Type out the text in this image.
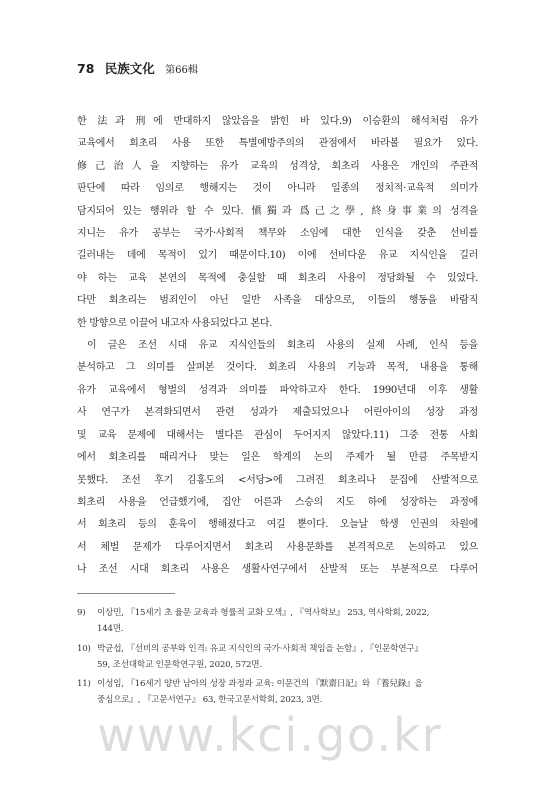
78 民族文化 第66輯
한 法과 刑에 반대하지 않았음을 밝힌 바 있다.9) 이승환의 해석처럼 유가
교육에서 회초리 사용 또한 특별예방주의의 관점에서 바라볼 필요가 있다.
修己治人을 지향하는 유가 교육의 성격상, 회초리 사용은 개인의 주관적
판단에 따라 임의로 행해지는 것이 아니라 일종의 정치적·교육적 의미가
담지되어 있는 행위라 할 수 있다. 愼獨과 爲己之學, 終身事業의 성격을
지니는 유가 공부는 국가·사회적 책무와 소임에 대한 인식을 갖춘 선비를
길러내는 데에 목적이 있기 때문이다.10) 이에 선비다운 유교 지식인을 길러
야 하는 교육 본연의 목적에 충실할 때 회초리 사용이 정당화될 수 있었다.
다만 회초리는 범죄인이 아닌 일반 사족을 대상으로, 이들의 행동을 바람직
한 방향으로 이끌어 내고자 사용되었다고 본다.
이 글은 조선 시대 유교 지식인들의 회초리 사용의 실제 사례, 인식 등을
분석하고 그 의미를 살펴본 것이다. 회초리 사용의 기능과 목적, 내용을 통해
유가 교육에서 형벌의 성격과 의미를 파악하고자 한다. 1990년대 이후 생활
사 연구가 본격화되면서 관련 성과가 제출되었으나 어린아이의 성장 과정
및 교육 문제에 대해서는 별다른 관심이 두어지지 않았다.11) 그중 전통 사회
에서 회초리를 때리거나 맞는 일은 학계의 논의 주제가 될 만큼 주목받지
못했다. 조선 후기 김홍도의 <서당>에 그려진 회초리나 문집에 산발적으로
회초리 사용을 언급했기에, 집안 어른과 스승의 지도 하에 성장하는 과정에
서 회초리 등의 훈육이 행해졌다고 여길 뿐이다. 오늘날 학생 인권의 차원에
서 체벌 문제가 다루어지면서 회초리 사용문화를 본격적으로 논의하고 있으
나 조선 시대 회초리 사용은 생활사연구에서 산발적 또는 부분적으로 다루어
9) 이상민, 『15세기 초 율문 교육과 형률적 교화 모색』, 『역사학보』 253, 역사학회, 2022,
144면.
10) 박균섭, 『선비의 공부와 인격: 유교 지식인의 국가·사회적 책임을 논함』, 『인문학연구』
59, 조선대학교 인문학연구원, 2020, 572면.
11) 이성임, 『16세기 양반 남아의 성장 과정과 교육: 이문건의 『默齋日記』와 『養兒錄』을
중심으로』, 『고문서연구』 63, 한국고문서학회, 2023, 3면.
www.kci.go.kr
